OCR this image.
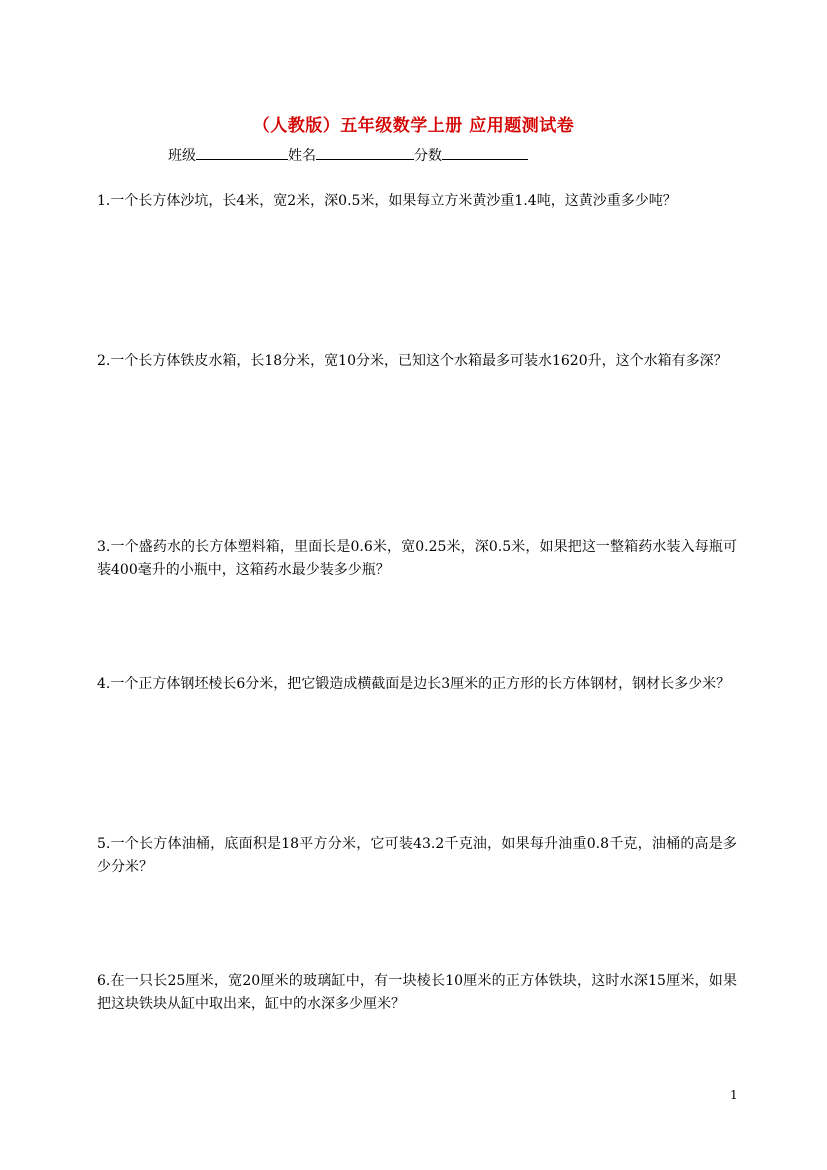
（人教版）五年级数学上册 应用题测试卷
班级	姓名	分数
1.一个长方体沙坑，长4米，宽2米，深0.5米，如果每立方米黄沙重1.4吨，这黄沙重多少吨？
2.一个长方体铁皮水箱，长18分米，宽10分米，已知这个水箱最多可装水1620升，这个水箱有多深？
3.一个盛药水的长方体塑料箱，里面长是0.6米，宽0.25米，深0.5米，如果把这一整箱药水装入每瓶可装400毫升的小瓶中，这箱药水最少装多少瓶？
4.一个正方体钢坯棱长6分米，把它锻造成横截面是边长3厘米的正方形的长方体钢材，钢材长多少米？
5.一个长方体油桶，底面积是18平方分米，它可装43.2千克油，如果每升油重0.8千克，油桶的高是多少分米？
6.在一只长25厘米，宽20厘米的玻璃缸中，有一块棱长10厘米的正方体铁块，这时水深15厘米，如果把这块铁块从缸中取出来，缸中的水深多少厘米？
1
